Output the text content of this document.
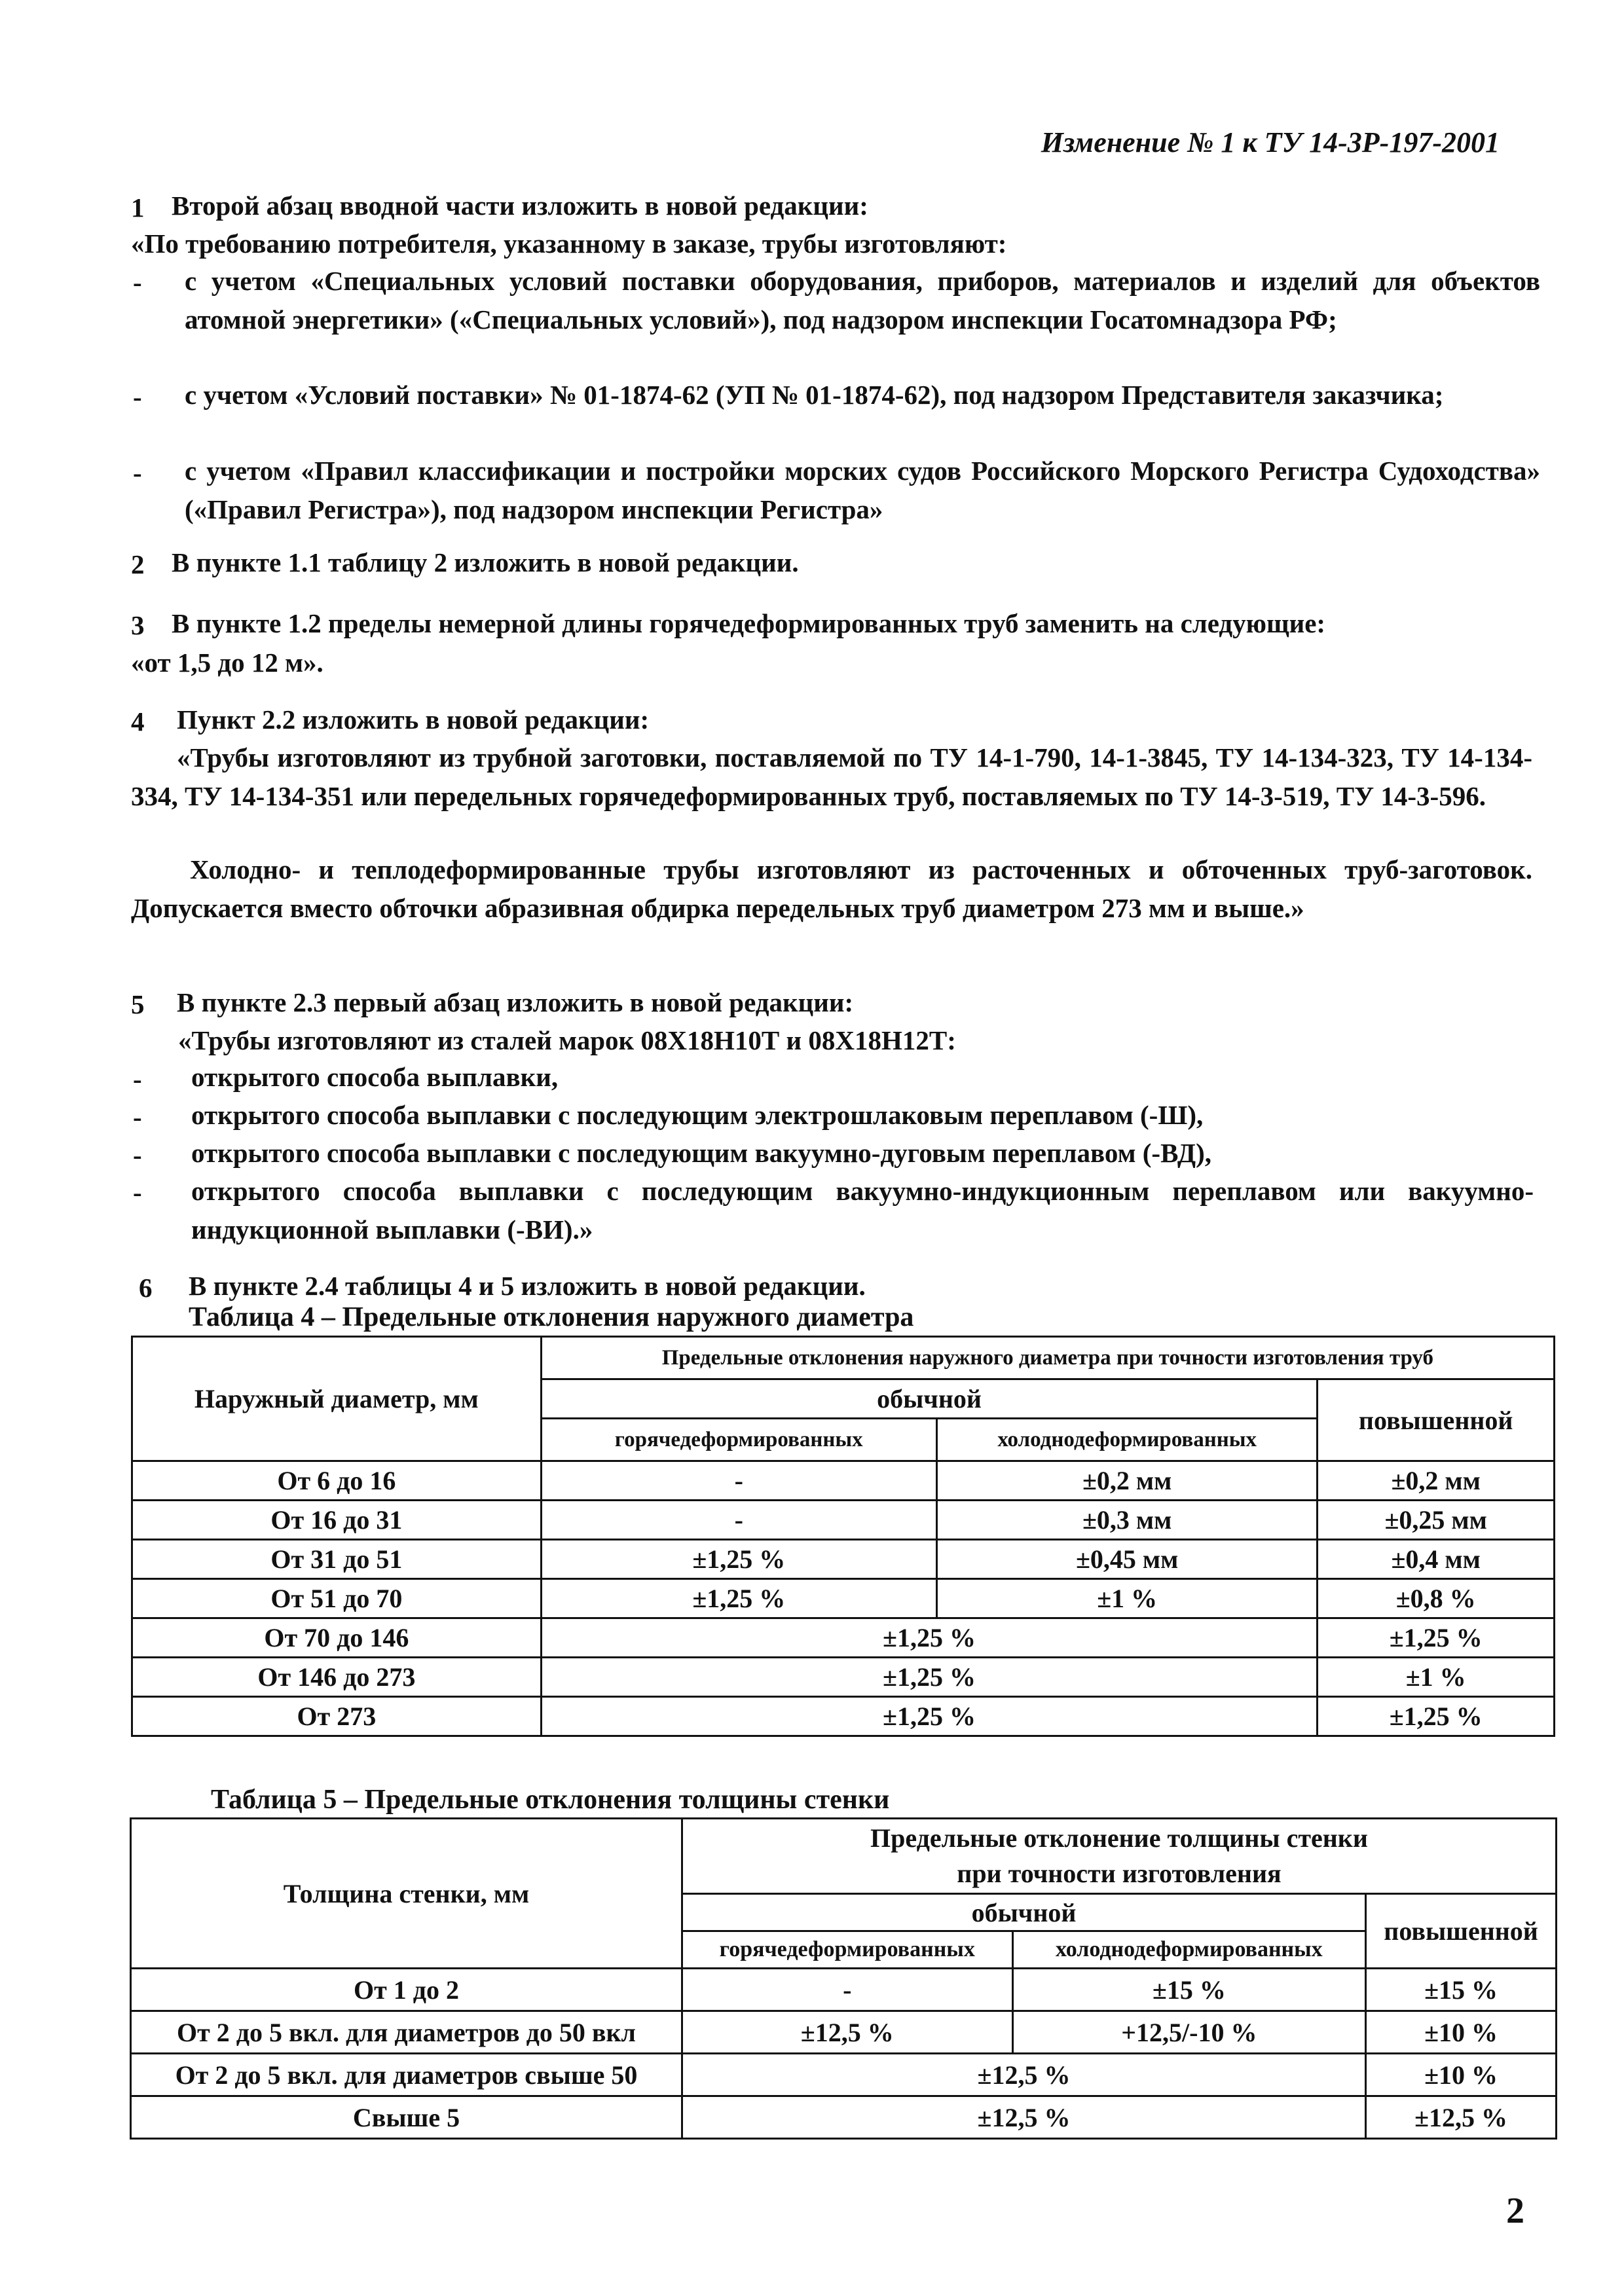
Изменение № 1 к ТУ 14-3Р-197-2001
1 Второй абзац вводной части изложить в новой редакции:
«По требованию потребителя, указанному в заказе, трубы изготовляют:
- с учетом «Специальных условий поставки оборудования, приборов, материалов и изделий для объектов атомной энергетики» («Специальных условий»), под надзором инспекции Госатомнадзора РФ;
- с учетом «Условий поставки» № 01-1874-62 (УП № 01-1874-62), под надзором Представителя заказчика;
- с учетом «Правил классификации и постройки морских судов Российского Морского Регистра Судоходства» («Правил Регистра»), под надзором инспекции Регистра»
2 В пункте 1.1 таблицу 2 изложить в новой редакции.
3 В пункте 1.2 пределы немерной длины горячедеформированных труб заменить на следующие:
«от 1,5 до 12 м».
4 Пункт 2.2 изложить в новой редакции:
«Трубы изготовляют из трубной заготовки, поставляемой по ТУ 14-1-790, 14-1-3845, ТУ 14-134-323, ТУ 14-134-334, ТУ 14-134-351 или передельных горячедеформированных труб, поставляемых по ТУ 14-3-519, ТУ 14-3-596.
Холодно- и теплодеформированные трубы изготовляют из расточенных и обточенных труб-заготовок. Допускается вместо обточки абразивная обдирка передельных труб диаметром 273 мм и выше.»
5 В пункте 2.3 первый абзац изложить в новой редакции:
«Трубы изготовляют из сталей марок 08Х18Н10Т и 08Х18Н12Т:
- открытого способа выплавки,
- открытого способа выплавки с последующим электрошлаковым переплавом (-Ш),
- открытого способа выплавки с последующим вакуумно-дуговым переплавом (-ВД),
- открытого способа выплавки с последующим вакуумно-индукционным переплавом или вакуумно-индукционной выплавки (-ВИ).»
6 В пункте 2.4 таблицы 4 и 5 изложить в новой редакции.
Таблица 4 – Предельные отклонения наружного диаметра
Наружный диаметр, мм	Предельные отклонения наружного диаметра при точности изготовления труб		
	обычной		повышенной
	горячедеформированных	холоднодеформированных	
От 6 до 16	-	±0,2 мм	±0,2 мм
От 16 до 31	-	±0,3 мм	±0,25 мм
От 31 до 51	±1,25 %	±0,45 мм	±0,4 мм
От 51 до 70	±1,25 %	±1 %	±0,8 %
От 70 до 146	±1,25 %		±1,25 %
От 146 до 273	±1,25 %		±1 %
От 273	±1,25 %		±1,25 %
Таблица 5 – Предельные отклонения толщины стенки
Толщина стенки, мм	Предельные отклонение толщины стенки
при точности изготовления		

	обычной		повышенной
	горячедеформированных	холоднодеформированных	
От 1 до 2	-	±15 %	±15 %
От 2 до 5 вкл. для диаметров до 50 вкл	±12,5 %	+12,5/-10 %	±10 %
От 2 до 5 вкл. для диаметров свыше 50	±12,5 %		±10 %
Свыше 5	±12,5 %		±12,5 %
2
